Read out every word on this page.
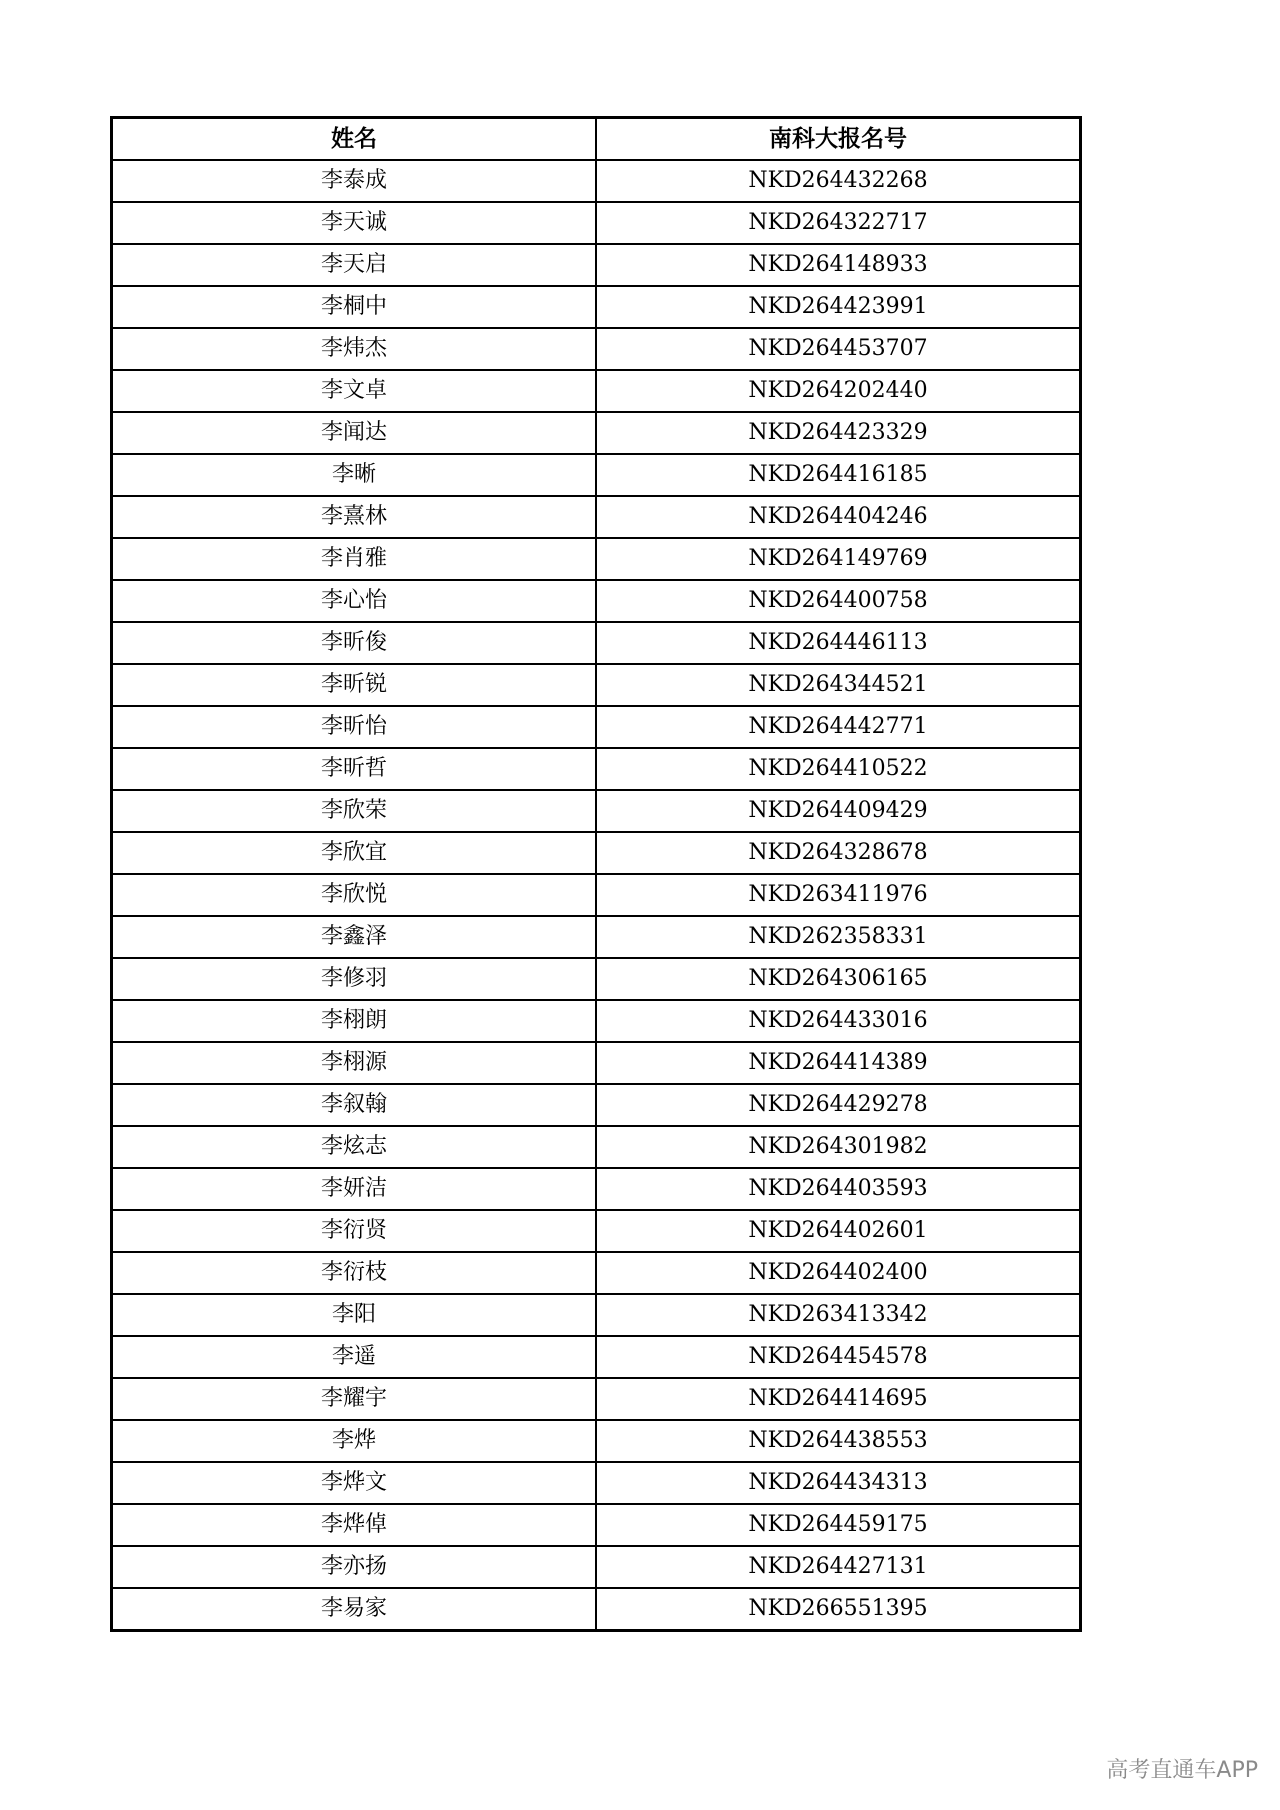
姓名	南科大报名号
李泰成	NKD264432268
李天诚	NKD264322717
李天启	NKD264148933
李桐中	NKD264423991
李炜杰	NKD264453707
李文卓	NKD264202440
李闻达	NKD264423329
李晰	NKD264416185
李熹林	NKD264404246
李肖雅	NKD264149769
李心怡	NKD264400758
李昕俊	NKD264446113
李昕锐	NKD264344521
李昕怡	NKD264442771
李昕哲	NKD264410522
李欣荣	NKD264409429
李欣宜	NKD264328678
李欣悦	NKD263411976
李鑫泽	NKD262358331
李修羽	NKD264306165
李栩朗	NKD264433016
李栩源	NKD264414389
李叙翰	NKD264429278
李炫志	NKD264301982
李妍洁	NKD264403593
李衍贤	NKD264402601
李衍枝	NKD264402400
李阳	NKD263413342
李遥	NKD264454578
李耀宇	NKD264414695
李烨	NKD264438553
李烨文	NKD264434313
李烨倬	NKD264459175
李亦扬	NKD264427131
李易家	NKD266551395
高考直通车APP
